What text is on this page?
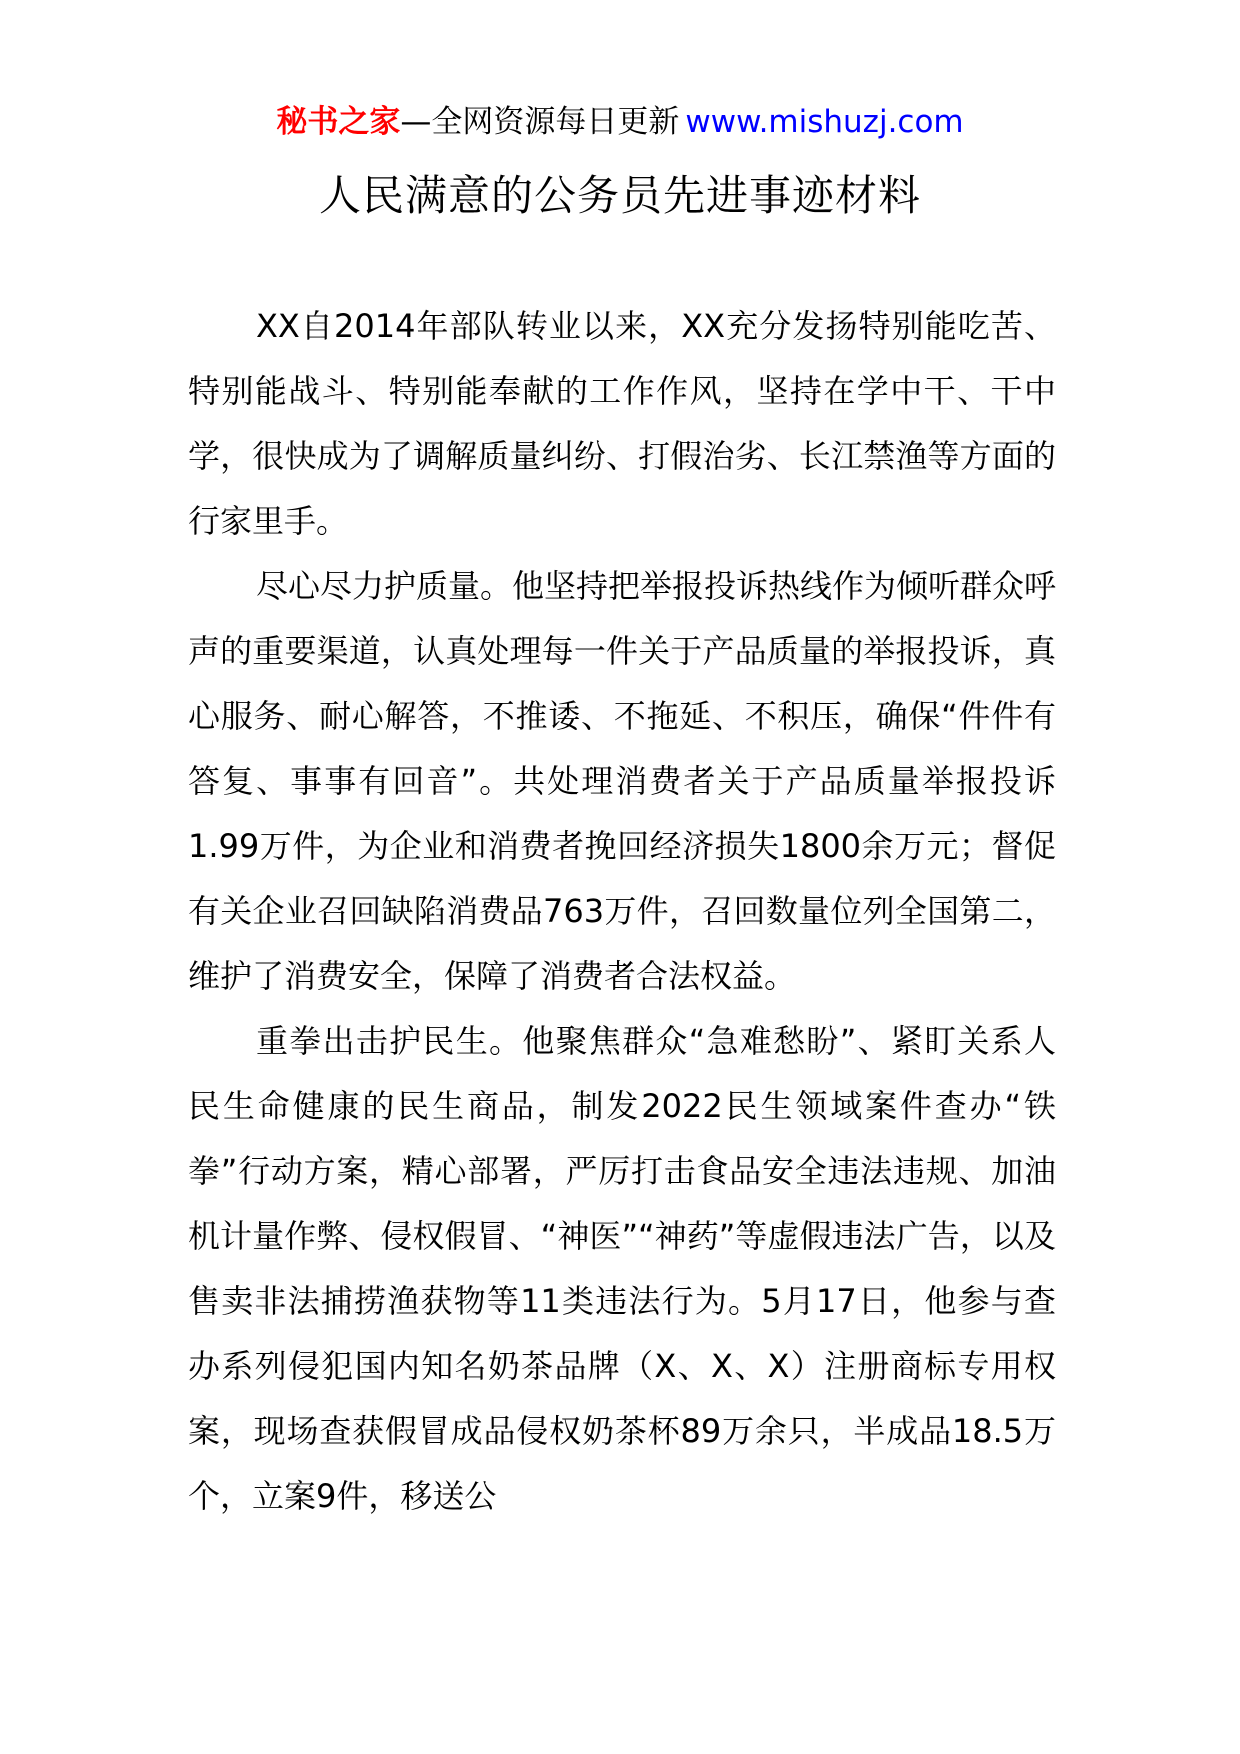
秘书之家—全网资源每日更新 www.mishuzj.com
人民满意的公务员先进事迹材料

XX自2014年部队转业以来，XX充分发扬特别能吃苦、特别能战斗、特别能奉献的工作作风，坚持在学中干、干中学，很快成为了调解质量纠纷、打假治劣、长江禁渔等方面的行家里手。

尽心尽力护质量。他坚持把举报投诉热线作为倾听群众呼声的重要渠道，认真处理每一件关于产品质量的举报投诉，真心服务、耐心解答，不推诿、不拖延、不积压，确保“件件有答复、事事有回音”。共处理消费者关于产品质量举报投诉1.99万件，为企业和消费者挽回经济损失1800余万元；督促有关企业召回缺陷消费品763万件，召回数量位列全国第二，维护了消费安全，保障了消费者合法权益。

重拳出击护民生。他聚焦群众“急难愁盼”、紧盯关系人民生命健康的民生商品，制发2022民生领域案件查办“铁拳”行动方案，精心部署，严厉打击食品安全违法违规、加油机计量作弊、侵权假冒、“神医”“神药”等虚假违法广告，以及售卖非法捕捞渔获物等11类违法行为。5月17日，他参与查办系列侵犯国内知名奶茶品牌（X、X、X）注册商标专用权案，现场查获假冒成品侵权奶茶杯89万余只，半成品18.5万个，立案9件，移送公
